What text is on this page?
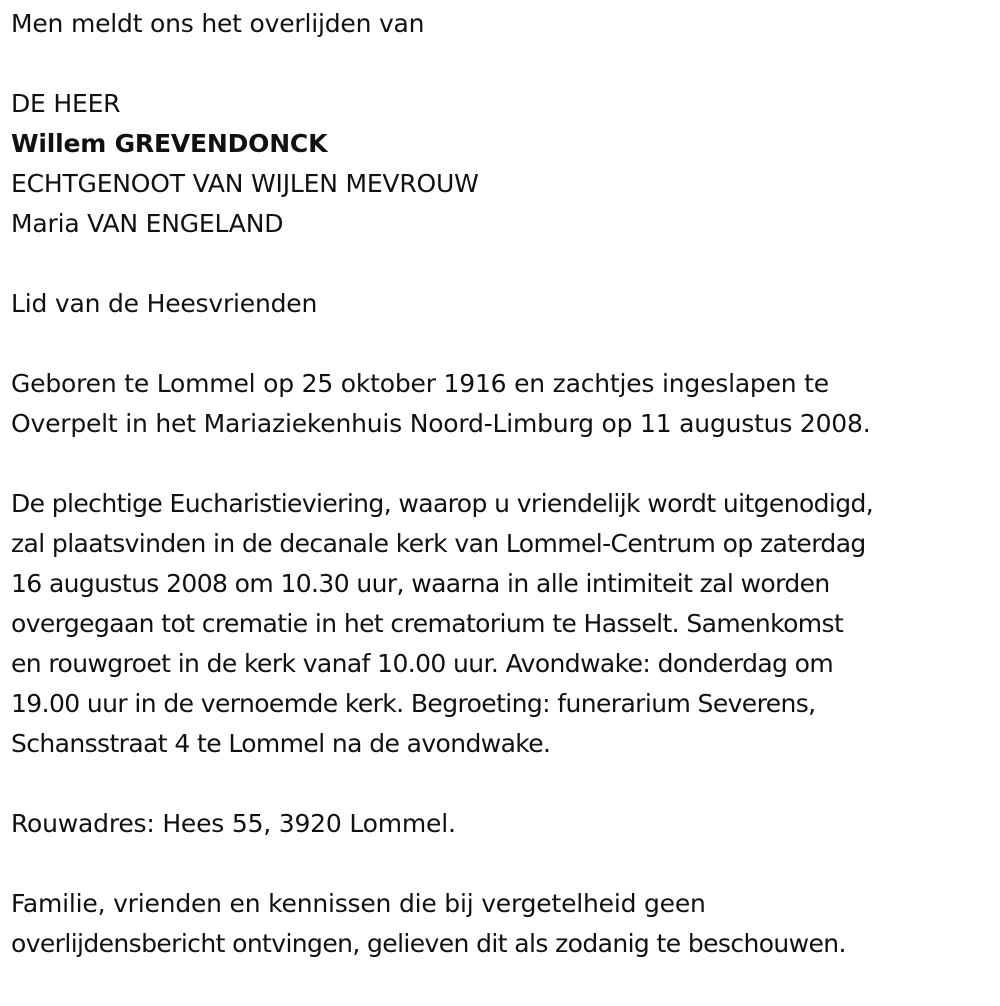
Men meldt ons het overlijden van
DE HEER
Willem GREVENDONCK
ECHTGENOOT VAN WIJLEN MEVROUW
Maria VAN ENGELAND
Lid van de Heesvrienden
Geboren te Lommel op 25 oktober 1916 en zachtjes ingeslapen te
Overpelt in het Mariaziekenhuis Noord-Limburg op 11 augustus 2008.
De plechtige Eucharistieviering, waarop u vriendelijk wordt uitgenodigd,
zal plaatsvinden in de decanale kerk van Lommel-Centrum op zaterdag
16 augustus 2008 om 10.30 uur, waarna in alle intimiteit zal worden
overgegaan tot crematie in het crematorium te Hasselt. Samenkomst
en rouwgroet in de kerk vanaf 10.00 uur. Avondwake: donderdag om
19.00 uur in de vernoemde kerk. Begroeting: funerarium Severens,
Schansstraat 4 te Lommel na de avondwake.
Rouwadres: Hees 55, 3920 Lommel.
Familie, vrienden en kennissen die bij vergetelheid geen
overlijdensbericht ontvingen, gelieven dit als zodanig te beschouwen.
